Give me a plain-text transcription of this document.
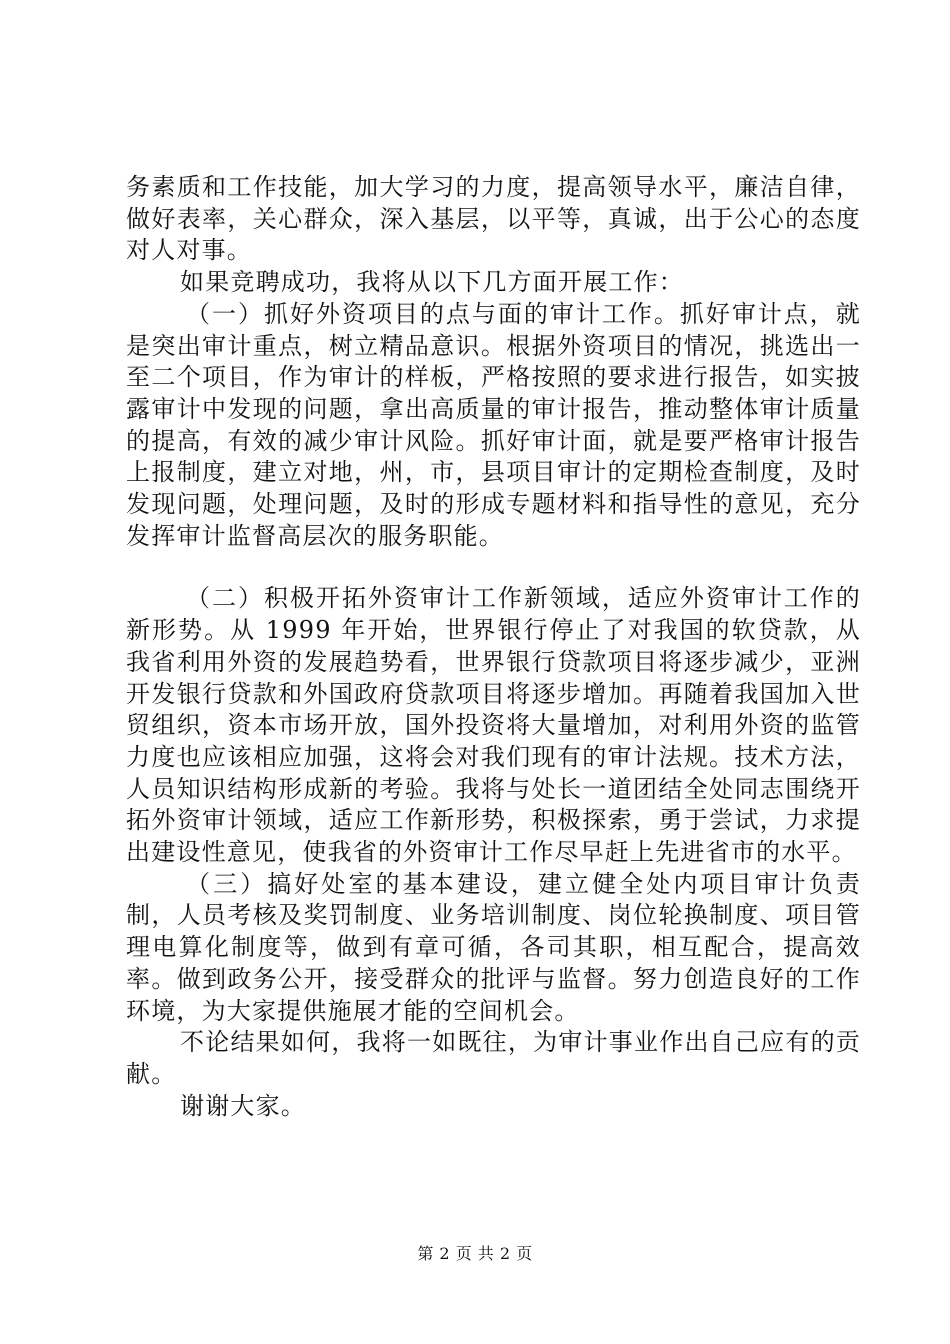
务素质和工作技能，加大学习的力度，提高领导水平，廉洁自律，做好表率，关心群众，深入基层，以平等，真诚，出于公心的态度对人对事。

如果竞聘成功，我将从以下几方面开展工作：

（一）抓好外资项目的点与面的审计工作。抓好审计点，就是突出审计重点，树立精品意识。根据外资项目的情况，挑选出一至二个项目，作为审计的样板，严格按照的要求进行报告，如实披露审计中发现的问题，拿出高质量的审计报告，推动整体审计质量的提高，有效的减少审计风险。抓好审计面，就是要严格审计报告上报制度，建立对地，州，市，县项目审计的定期检查制度，及时发现问题，处理问题，及时的形成专题材料和指导性的意见，充分发挥审计监督高层次的服务职能。

（二）积极开拓外资审计工作新领域，适应外资审计工作的新形势。从 1999 年开始，世界银行停止了对我国的软贷款，从我省利用外资的发展趋势看，世界银行贷款项目将逐步减少，亚洲开发银行贷款和外国政府贷款项目将逐步增加。再随着我国加入世贸组织，资本市场开放，国外投资将大量增加，对利用外资的监管力度也应该相应加强，这将会对我们现有的审计法规。技术方法，人员知识结构形成新的考验。我将与处长一道团结全处同志围绕开拓外资审计领域，适应工作新形势，积极探索，勇于尝试，力求提出建设性意见，使我省的外资审计工作尽早赶上先进省市的水平。

（三）搞好处室的基本建设，建立健全处内项目审计负责制，人员考核及奖罚制度、业务培训制度、岗位轮换制度、项目管理电算化制度等，做到有章可循，各司其职，相互配合，提高效率。做到政务公开，接受群众的批评与监督。努力创造良好的工作环境，为大家提供施展才能的空间机会。

不论结果如何，我将一如既往，为审计事业作出自己应有的贡献。

谢谢大家。

第 2 页 共 2 页
